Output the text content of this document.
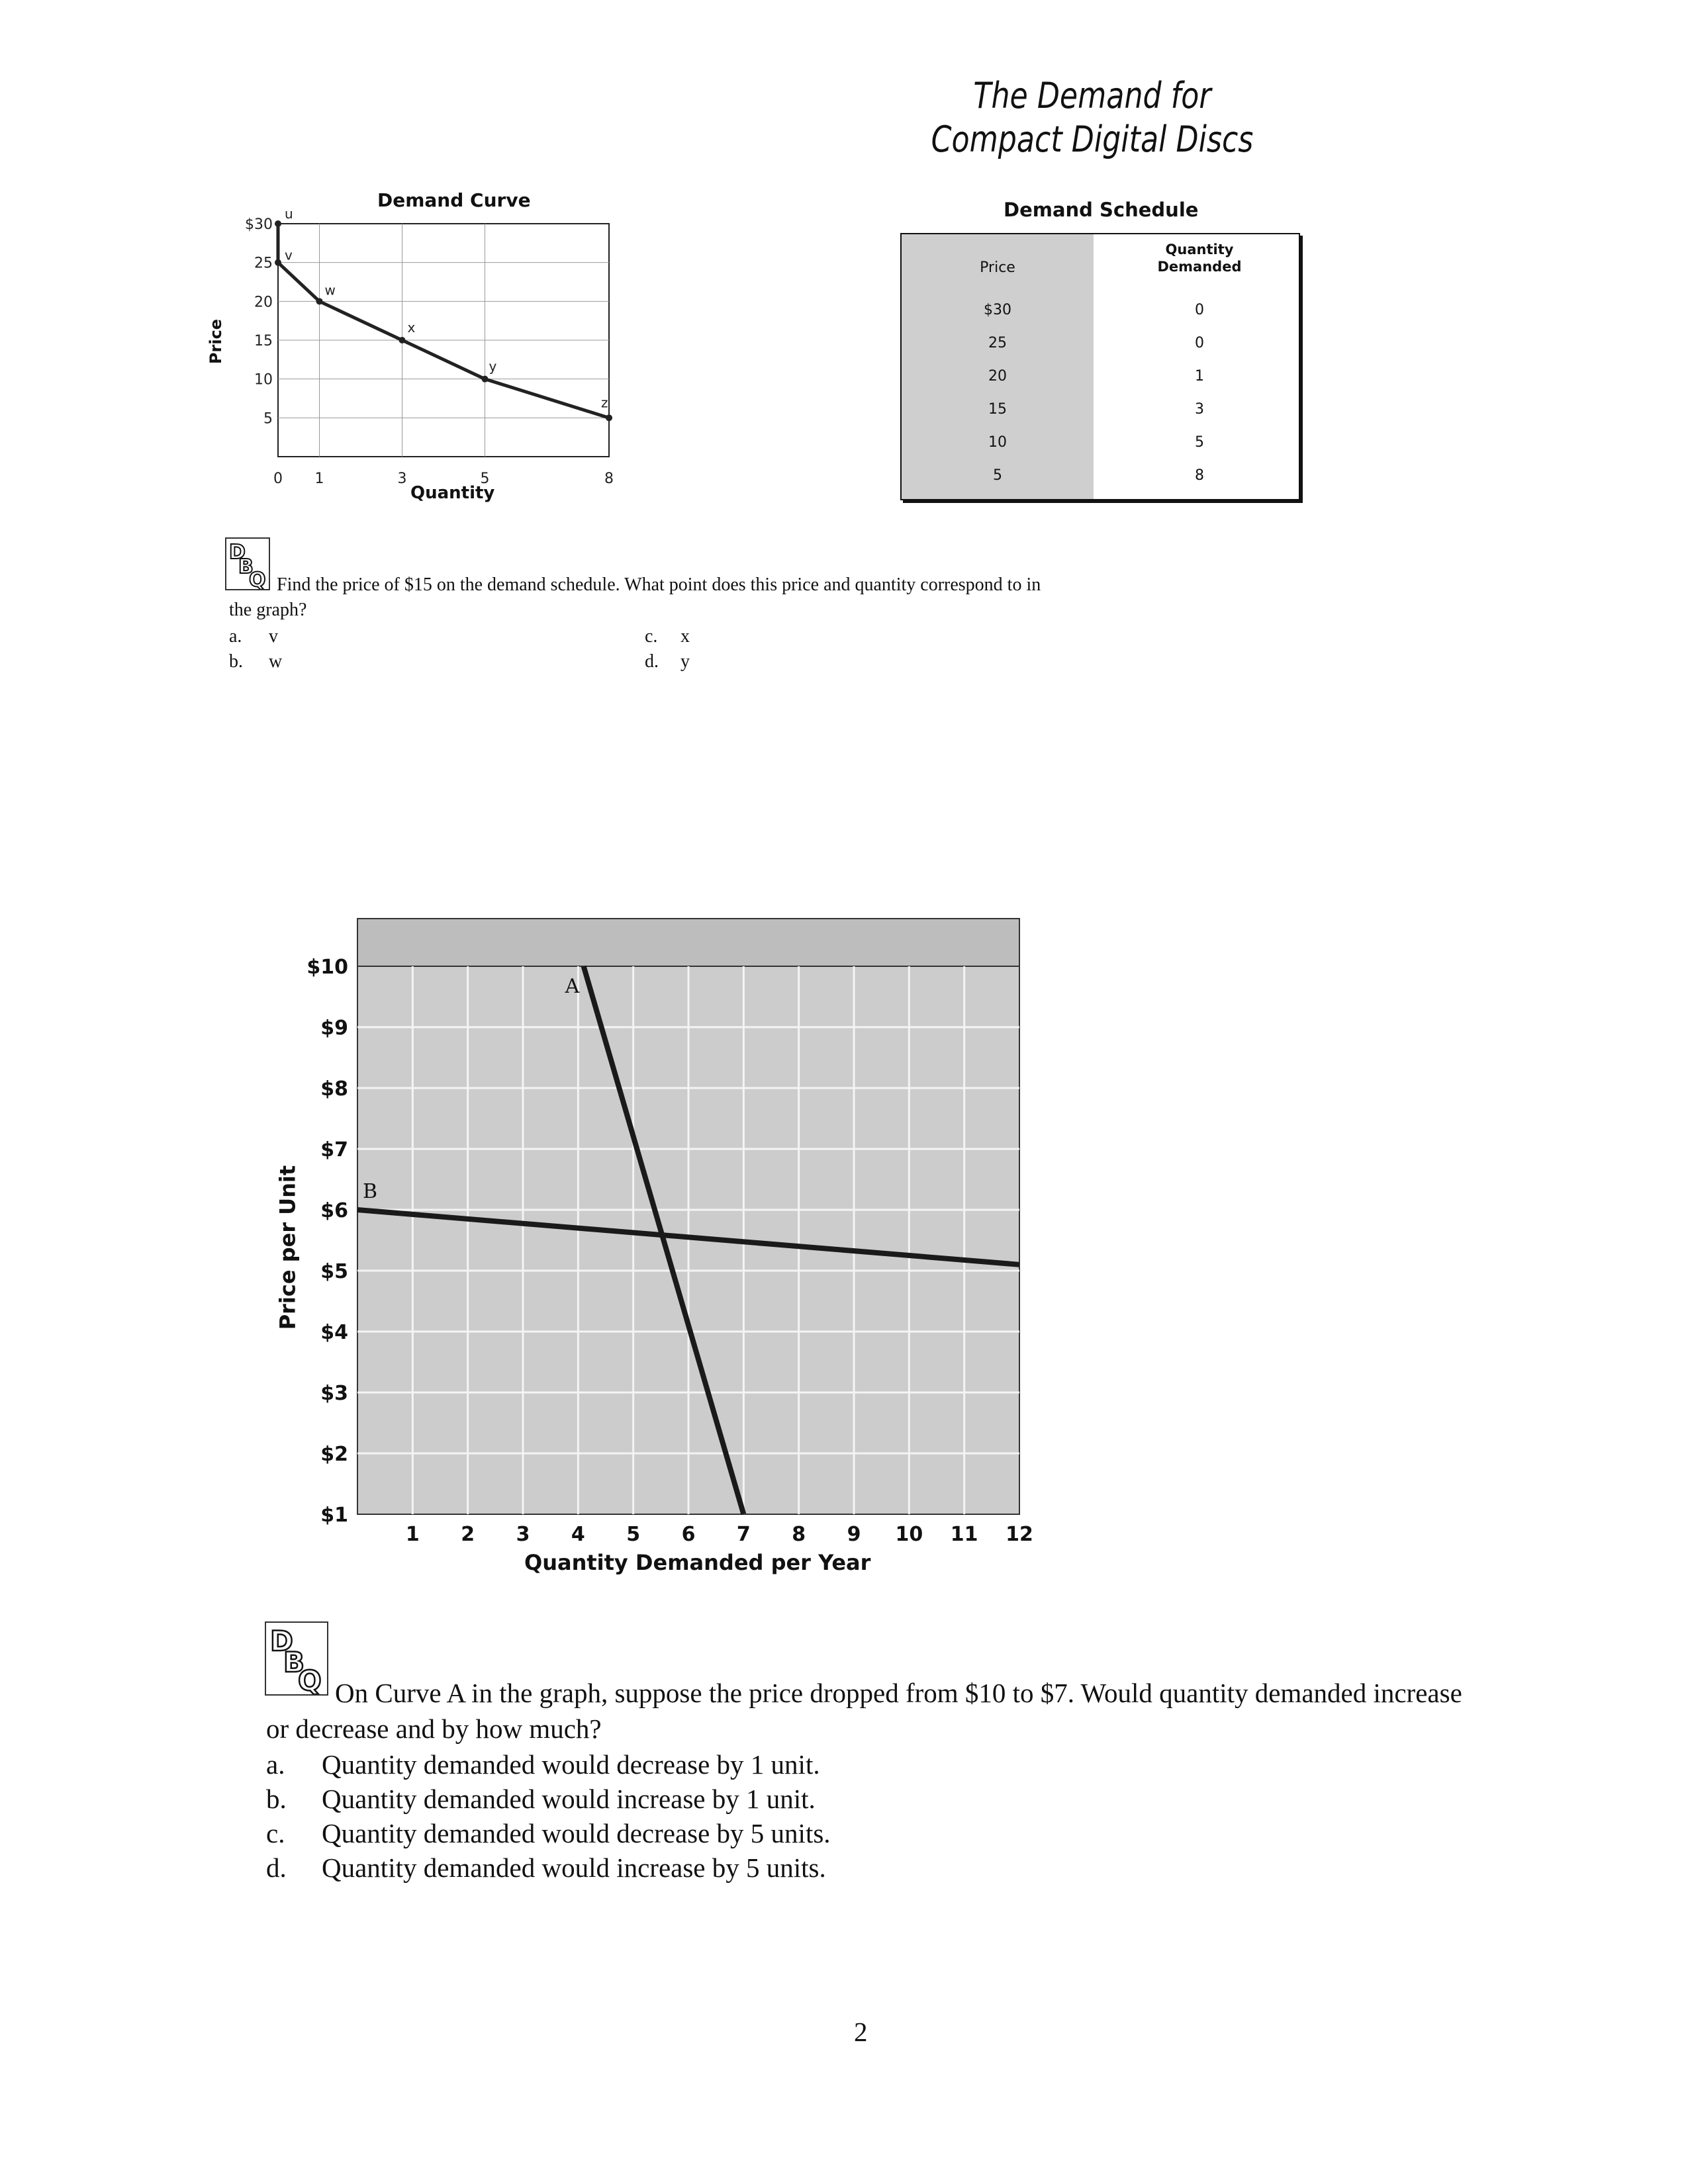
The Demand for
Compact Digital Discs
Demand Curve
Quantity
Price
0 1	3	5	8
$30
25
20
15
10
5
u
v
w
x
y
z
Demand Schedule
Price
Quantity Demanded
$30	0
25	0
20	1
15	3
10	5
5	8
D
B
Q Find the price of $15 on the demand schedule. What point does this price and quantity correspond to in
the graph?
a. v
b. w
c. x
d. y
1 2 3 4 5 6 7 8 9 10 11 12
$10
$9
$8
$7
$6
$5
$4
$3
$2
$1
A
B
Quantity Demanded per Year
Price per Unit
D
B
Q On Curve A in the graph, suppose the price dropped from $10 to $7. Would quantity demanded increase
or decrease and by how much?
a. Quantity demanded would decrease by 1 unit.
b. Quantity demanded would increase by 1 unit.
c. Quantity demanded would decrease by 5 units.
d. Quantity demanded would increase by 5 units.
2
